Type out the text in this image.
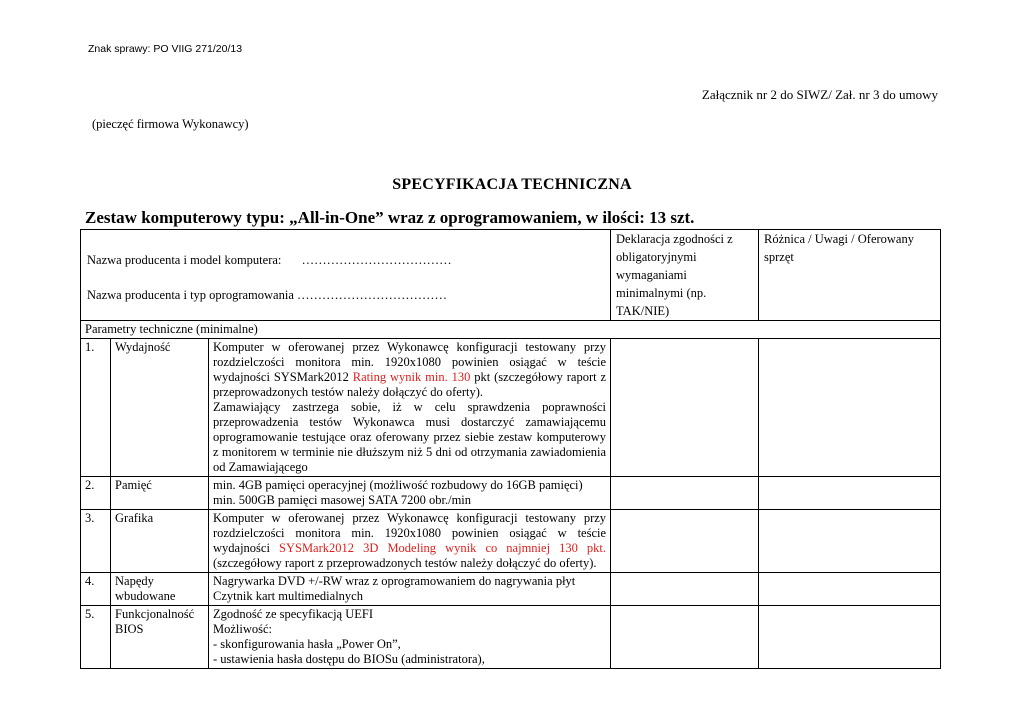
Znak sprawy: PO VIIG 271/20/13
Załącznik nr 2 do SIWZ/ Zał. nr 3 do umowy
(pieczęć firmowa Wykonawcy)
SPECYFIKACJA TECHNICZNA
Zestaw komputerowy typu: „All-in-One” wraz z oprogramowaniem, w ilości: 13 szt.
Nazwa producenta i model komputera: ………………………………
Nazwa producenta i typ oprogramowania ………………………………			Deklaracja zgodności z obligatoryjnymi wymaganiami minimalnymi (np. TAK/NIE)	Różnica / Uwagi / Oferowany sprzęt
Parametry techniczne (minimalne)				
1.	Wydajność	Komputer w oferowanej przez Wykonawcę konfiguracji testowany przy rozdzielczości monitora min. 1920x1080 powinien osiągać w teście wydajności SYSMark2012 Rating wynik min. 130 pkt (szczegółowy raport z przeprowadzonych testów należy dołączyć do oferty).
Zamawiający zastrzega sobie, iż w celu sprawdzenia poprawności przeprowadzenia testów Wykonawca musi dostarczyć zamawiającemu oprogramowanie testujące oraz oferowany przez siebie zestaw komputerowy z monitorem w terminie nie dłuższym niż 5 dni od otrzymania zawiadomienia od Zamawiającego		

2.	Pamięć	min. 4GB pamięci operacyjnej (możliwość rozbudowy do 16GB pamięci)
min. 500GB pamięci masowej SATA 7200 obr./min		

3.	Grafika	Komputer w oferowanej przez Wykonawcę konfiguracji testowany przy rozdzielczości monitora min. 1920x1080 powinien osiągać w teście wydajności SYSMark2012 3D Modeling wynik co najmniej 130 pkt. (szczegółowy raport z przeprowadzonych testów należy dołączyć do oferty).		
4.	Napędy wbudowane	Nagrywarka DVD +/-RW wraz z oprogramowaniem do nagrywania płyt
Czytnik kart multimedialnych		

5.	Funkcjonalność BIOS	Zgodność ze specyfikacją UEFI
Możliwość:
- skonfigurowania hasła „Power On”,
- ustawienia hasła dostępu do BIOSu (administratora),		
